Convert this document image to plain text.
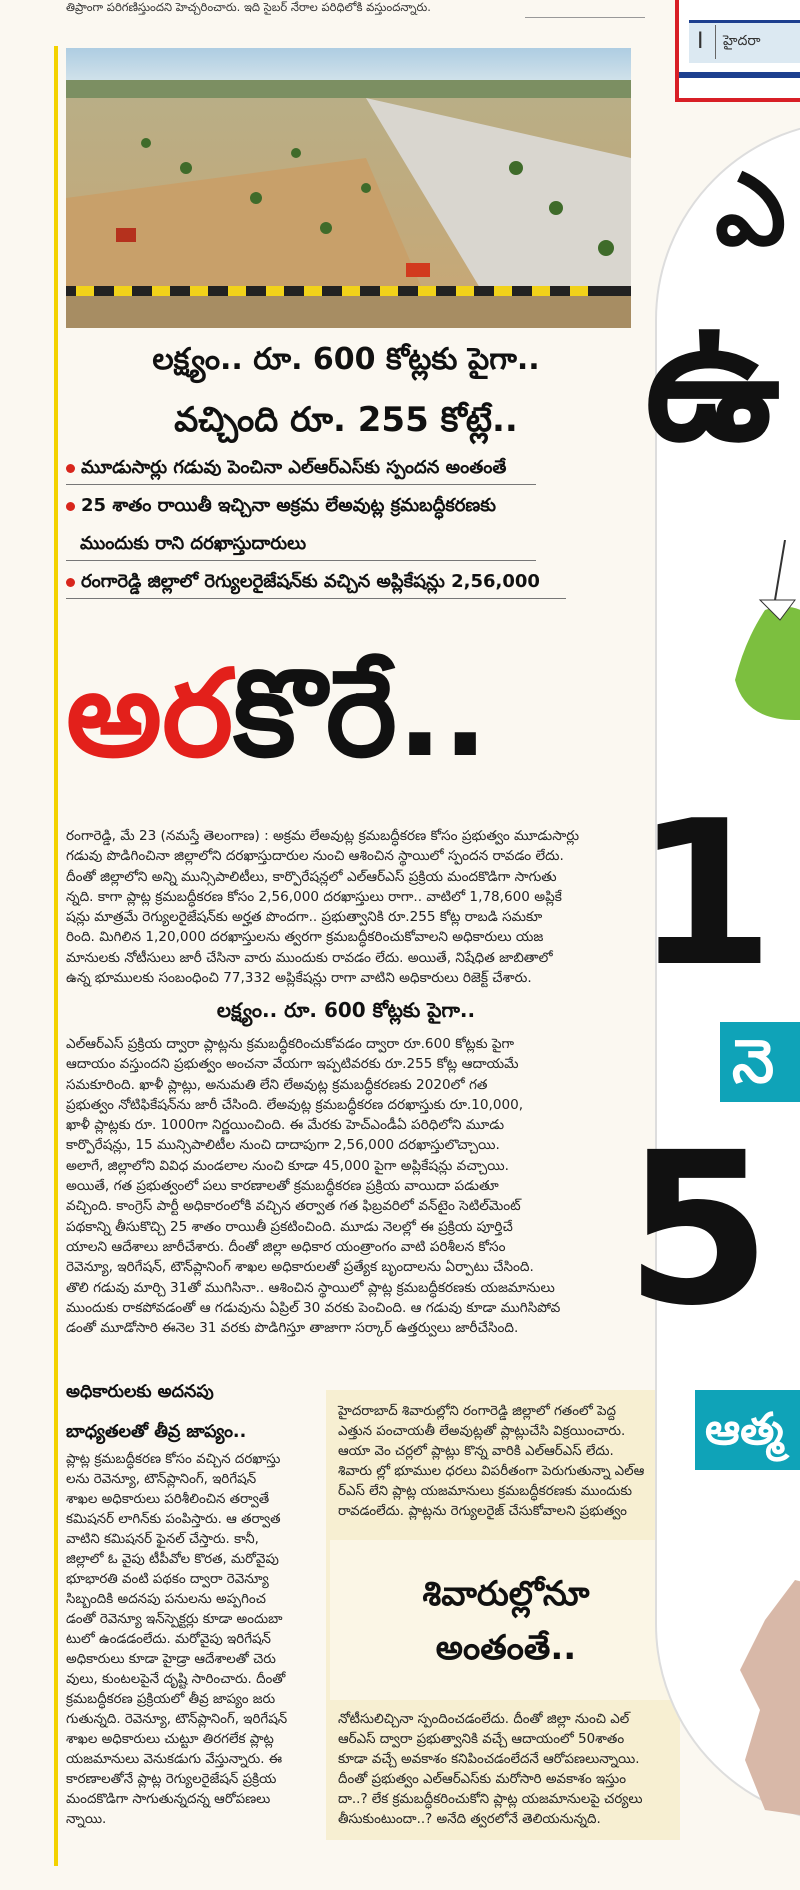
తిప్రాంగా పరిగణిస్తుందని హెచ్చరించారు. ఇది సైబర్ నేరాల పరిధిలోకి వస్తుందన్నారు.
లక్ష్యం.. రూ. 600 కోట్లకు పైగా..
వచ్చింది రూ. 255 కోట్లే..
మూడుసార్లు గడువు పెంచినా ఎల్ఆర్ఎస్‌కు స్పందన అంతంతే
25 శాతం రాయితీ ఇచ్చినా అక్రమ లేఅవుట్ల క్రమబద్ధీకరణకు
ముందుకు రాని దరఖాస్తుదారులు
రంగారెడ్డి జిల్లాలో రెగ్యులరైజేషన్‌కు వచ్చిన అప్లికేషన్లు 2,56,000
అరకొరే..
రంగారెడ్డి, మే 23 (నమస్తే తెలంగాణ) : అక్రమ లేఅవుట్ల క్రమబద్ధీకరణ కోసం ప్రభుత్వం మూడుసార్లు
గడువు పొడిగించినా జిల్లాలోని దరఖాస్తుదారుల నుంచి ఆశించిన స్థాయిలో స్పందన రావడం లేదు.
దీంతో జిల్లాలోని అన్ని మున్సిపాలిటీలు, కార్పొరేషన్లలో ఎల్ఆర్ఎస్ ప్రక్రియ మందకొడిగా సాగుతు
న్నది. కాగా ప్లాట్ల క్రమబద్ధీకరణ కోసం 2,56,000 దరఖాస్తులు రాగా.. వాటిలో 1,78,600 అప్లికే
షన్లు మాత్రమే రెగ్యులరైజేషన్‌కు అర్హత పొందగా.. ప్రభుత్వానికి రూ.255 కోట్ల రాబడి సమకూ
రింది. మిగిలిన 1,20,000 దరఖాస్తులను త్వరగా క్రమబద్ధీకరించుకోవాలని అధికారులు యజ
మానులకు నోటీసులు జారీ చేసినా వారు ముందుకు రావడం లేదు. అయితే, నిషేధిత జాబితాలో
ఉన్న భూములకు సంబంధించి 77,332 అప్లికేషన్లు రాగా వాటిని అధికారులు రిజెక్ట్ చేశారు.
లక్ష్యం.. రూ. 600 కోట్లకు పైగా..
ఎల్ఆర్ఎస్ ప్రక్రియ ద్వారా ప్లాట్లను క్రమబద్ధీకరించుకోవడం ద్వారా రూ.600 కోట్లకు పైగా
ఆదాయం వస్తుందని ప్రభుత్వం అంచనా వేయగా ఇప్పటివరకు రూ.255 కోట్ల ఆదాయమే
సమకూరింది. ఖాళీ ప్లాట్లు, అనుమతి లేని లేఅవుట్ల క్రమబద్ధీకరణకు 2020లో గత
ప్రభుత్వం నోటిఫికేషన్‌ను జారీ చేసింది. లేఅవుట్ల క్రమబద్ధీకరణ దరఖాస్తుకు రూ.10,000,
ఖాళీ ప్లాట్లకు రూ. 1000గా నిర్ణయించింది. ఈ మేరకు హెచ్ఎండీఏ పరిధిలోని మూడు
కార్పొరేషన్లు, 15 మున్సిపాలిటీల నుంచి దాదాపుగా 2,56,000 దరఖాస్తులొచ్చాయి.
అలాగే, జిల్లాలోని వివిధ మండలాల నుంచి కూడా 45,000 పైగా అప్లికేషన్లు వచ్చాయి.
అయితే, గత ప్రభుత్వంలో పలు కారణాలతో క్రమబద్ధీకరణ ప్రక్రియ వాయిదా పడుతూ
వచ్చింది. కాంగ్రెస్ పార్టీ అధికారంలోకి వచ్చిన తర్వాత గత ఫిబ్రవరిలో వన్‌టైం సెటిల్‌మెంట్
పథకాన్ని తీసుకొచ్చి 25 శాతం రాయితీ ప్రకటించింది. మూడు నెలల్లో ఈ ప్రక్రియ పూర్తిచే
యాలని ఆదేశాలు జారీచేశారు. దీంతో జిల్లా అధికార యంత్రాంగం వాటి పరిశీలన కోసం
రెవెన్యూ, ఇరిగేషన్, టౌన్‌ప్లానింగ్ శాఖల అధికారులతో ప్రత్యేక బృందాలను ఏర్పాటు చేసింది.
తొలి గడువు మార్చి 31తో ముగిసినా.. ఆశించిన స్థాయిలో ప్లాట్ల క్రమబద్ధీకరణకు యజమానులు
ముందుకు రాకపోవడంతో ఆ గడువును ఏప్రిల్ 30 వరకు పెంచింది. ఆ గడువు కూడా ముగిసిపోవ
డంతో మూడోసారి ఈనెల 31 వరకు పొడిగిస్తూ తాజాగా సర్కార్ ఉత్తర్వులు జారీచేసింది.
అధికారులకు అదనపు
బాధ్యతలతో తీవ్ర జాప్యం..
ప్లాట్ల క్రమబద్ధీకరణ కోసం వచ్చిన దరఖాస్తు
లను రెవెన్యూ, టౌన్‌ప్లానింగ్, ఇరిగేషన్
శాఖల అధికారులు పరిశీలించిన తర్వాతే
కమిషనర్ లాగిన్‌కు పంపిస్తారు. ఆ తర్వాత
వాటిని కమిషనర్ ఫైనల్ చేస్తారు. కానీ,
జిల్లాలో ఓ వైపు టీపీవోల కొరత, మరోవైపు
భూభారతి వంటి పథకం ద్వారా రెవెన్యూ
సిబ్బందికి అదనపు పనులను అప్పగించ
డంతో రెవెన్యూ ఇన్‌స్పెక్టర్లు కూడా అందుబా
టులో ఉండడంలేదు. మరోవైపు ఇరిగేషన్
అధికారులు కూడా హైడ్రా ఆదేశాలతో చెరు
వులు, కుంటలపైనే దృష్టి సారించారు. దీంతో
క్రమబద్ధీకరణ ప్రక్రియలో తీవ్ర జాప్యం జరు
గుతున్నది. రెవెన్యూ, టౌన్‌ప్లానింగ్, ఇరిగేషన్
శాఖల అధికారులు చుట్టూ తిరగలేక ప్లాట్ల
యజమానులు వెనుకడుగు వేస్తున్నారు. ఈ
కారణాలతోనే ప్లాట్ల రెగ్యులరైజేషన్ ప్రక్రియ
మందకొడిగా సాగుతున్నదన్న ఆరోపణలు
న్నాయి.
హైదరాబాద్ శివారుల్లోని రంగారెడ్డి జిల్లాలో గతంలో పెద్ద
ఎత్తున పంచాయతీ లేఅవుట్లతో ప్లాట్లుచేసి విక్రయించారు.
ఆయా వెం చర్లలో ప్లాట్లు కొన్న వారికి ఎల్ఆర్ఎస్ లేదు.
శివారు ల్లో భూముల ధరలు విపరీతంగా పెరుగుతున్నా ఎల్ఆ
ర్ఎస్ లేని ప్లాట్ల యజమానులు క్రమబద్ధీకరణకు ముందుకు
రావడంలేదు. ప్లాట్లను రెగ్యులరైజ్ చేసుకోవాలని ప్రభుత్వం
శివారుల్లోనూ
అంతంతే..
నోటీసులిచ్చినా స్పందించడంలేదు. దీంతో జిల్లా నుంచి ఎల్
ఆర్ఎస్ ద్వారా ప్రభుత్వానికి వచ్చే ఆదాయంలో 50శాతం
కూడా వచ్చే అవకాశం కనిపించడంలేదనే ఆరోపణలున్నాయి.
దీంతో ప్రభుత్వం ఎల్ఆర్ఎస్‌కు మరోసారి అవకాశం ఇస్తుం
దా..? లేక క్రమబద్ధీకరించుకోని ప్లాట్ల యజమానులపై చర్యలు
తీసుకుంటుందా..? అనేది త్వరలోనే తెలియనున్నది.
I హైదరా
ఎ
ఉ
1
నె
5
ఆత్మ
